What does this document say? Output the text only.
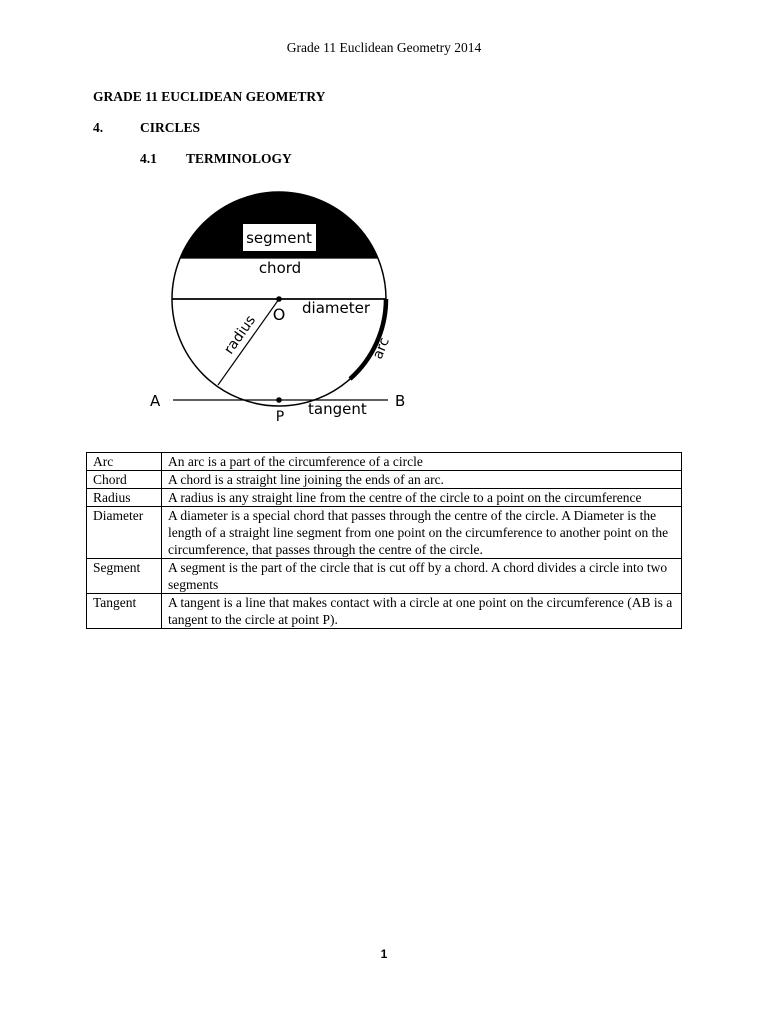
Grade 11 Euclidean Geometry 2014
GRADE 11 EUCLIDEAN GEOMETRY
4.	CIRCLES
4.1 TERMINOLOGY
segment
chord
O diameter
radius	arc
A	B
P tangent
Arc	An arc is a part of the circumference of a circle
Chord	A chord is a straight line joining the ends of an arc.
Radius	A radius is any straight line from the centre of the circle to a point on the circumference
Diameter	A diameter is a special chord that passes through the centre of the circle. A Diameter is the length of a straight line segment from one point on the circumference to another point on the circumference, that passes through the centre of the circle.
Segment	A segment is the part of the circle that is cut off by a chord. A chord divides a circle into two segments
Tangent	A tangent is a line that makes contact with a circle at one point on the circumference (AB is a tangent to the circle at point P).
1
